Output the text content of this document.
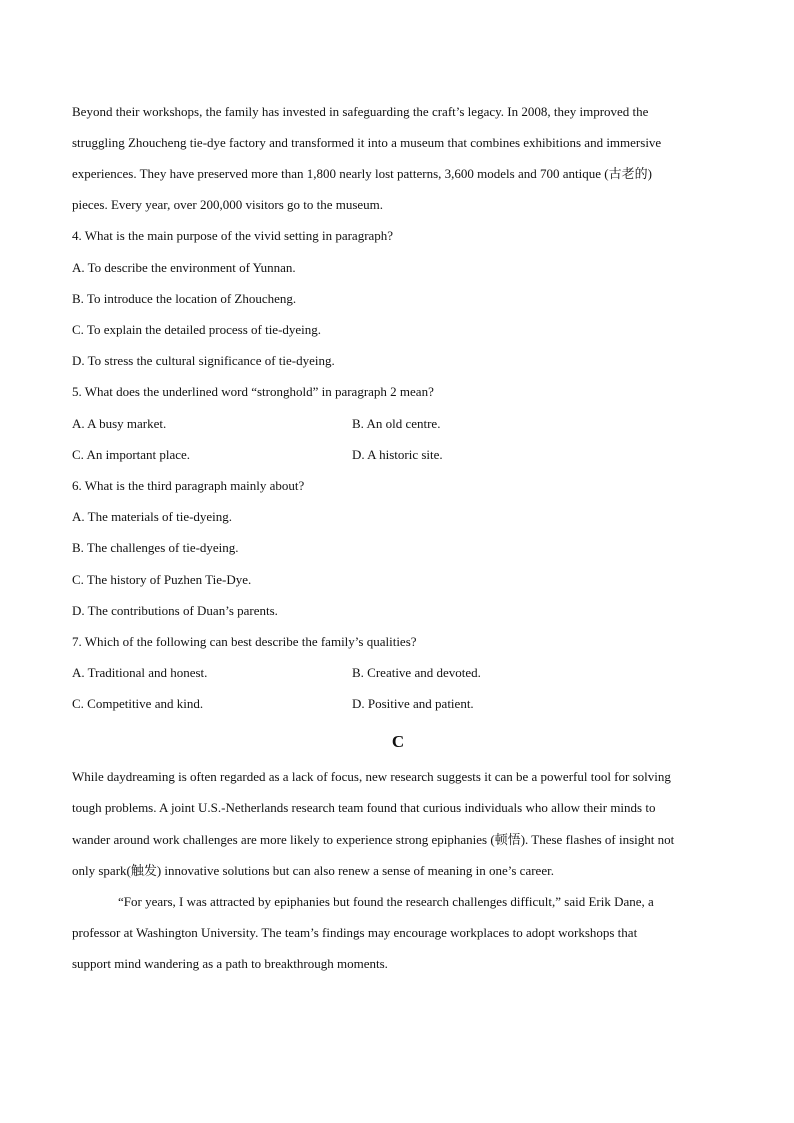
Beyond their workshops, the family has invested in safeguarding the craft’s legacy. In 2008, they improved the
struggling Zhoucheng tie-dye factory and transformed it into a museum that combines exhibitions and immersive
experiences. They have preserved more than 1,800 nearly lost patterns, 3,600 models and 700 antique (古老的)
pieces. Every year, over 200,000 visitors go to the museum.
4. What is the main purpose of the vivid setting in paragraph?
A. To describe the environment of Yunnan.
B. To introduce the location of Zhoucheng.
C. To explain the detailed process of tie-dyeing.
D. To stress the cultural significance of tie-dyeing.
5. What does the underlined word “stronghold” in paragraph 2 mean?
A. A busy market.	B. An old centre.
C. An important place.	D. A historic site.
6. What is the third paragraph mainly about?
A. The materials of tie-dyeing.
B. The challenges of tie-dyeing.
C. The history of Puzhen Tie-Dye.
D. The contributions of Duan’s parents.
7. Which of the following can best describe the family’s qualities?
A. Traditional and honest.	B. Creative and devoted.
C. Competitive and kind.	D. Positive and patient.
C
While daydreaming is often regarded as a lack of focus, new research suggests it can be a powerful tool for solving
tough problems. A joint U.S.-Netherlands research team found that curious individuals who allow their minds to
wander around work challenges are more likely to experience strong epiphanies (顿悟). These flashes of insight not
only spark(触发) innovative solutions but can also renew a sense of meaning in one’s career.
“For years, I was attracted by epiphanies but found the research challenges difficult,” said Erik Dane, a
professor at Washington University. The team’s findings may encourage workplaces to adopt workshops that
support mind wandering as a path to breakthrough moments.
